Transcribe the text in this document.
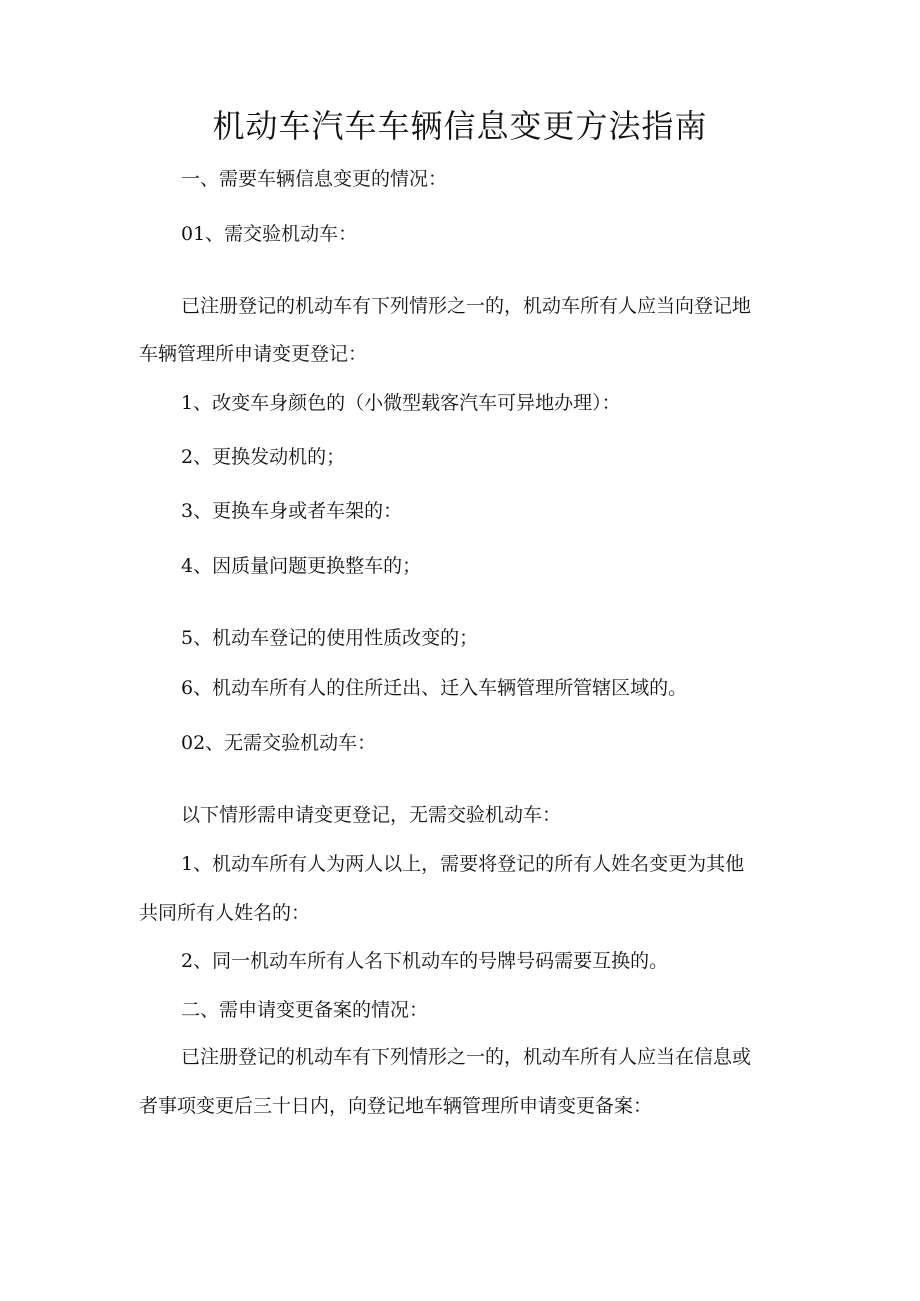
机动车汽车车辆信息变更方法指南
一、需要车辆信息变更的情况：
01、需交验机动车：
已注册登记的机动车有下列情形之一的，机动车所有人应当向登记地
车辆管理所申请变更登记：
1、改变车身颜色的（小微型载客汽车可异地办理）：
2、更换发动机的；
3、更换车身或者车架的：
4、因质量问题更换整车的；
5、机动车登记的使用性质改变的；
6、机动车所有人的住所迁出、迁入车辆管理所管辖区域的。
02、无需交验机动车：
以下情形需申请变更登记，无需交验机动车：
1、机动车所有人为两人以上，需要将登记的所有人姓名变更为其他
共同所有人姓名的：
2、同一机动车所有人名下机动车的号牌号码需要互换的。
二、需申请变更备案的情况：
已注册登记的机动车有下列情形之一的，机动车所有人应当在信息或
者事项变更后三十日内，向登记地车辆管理所申请变更备案：
